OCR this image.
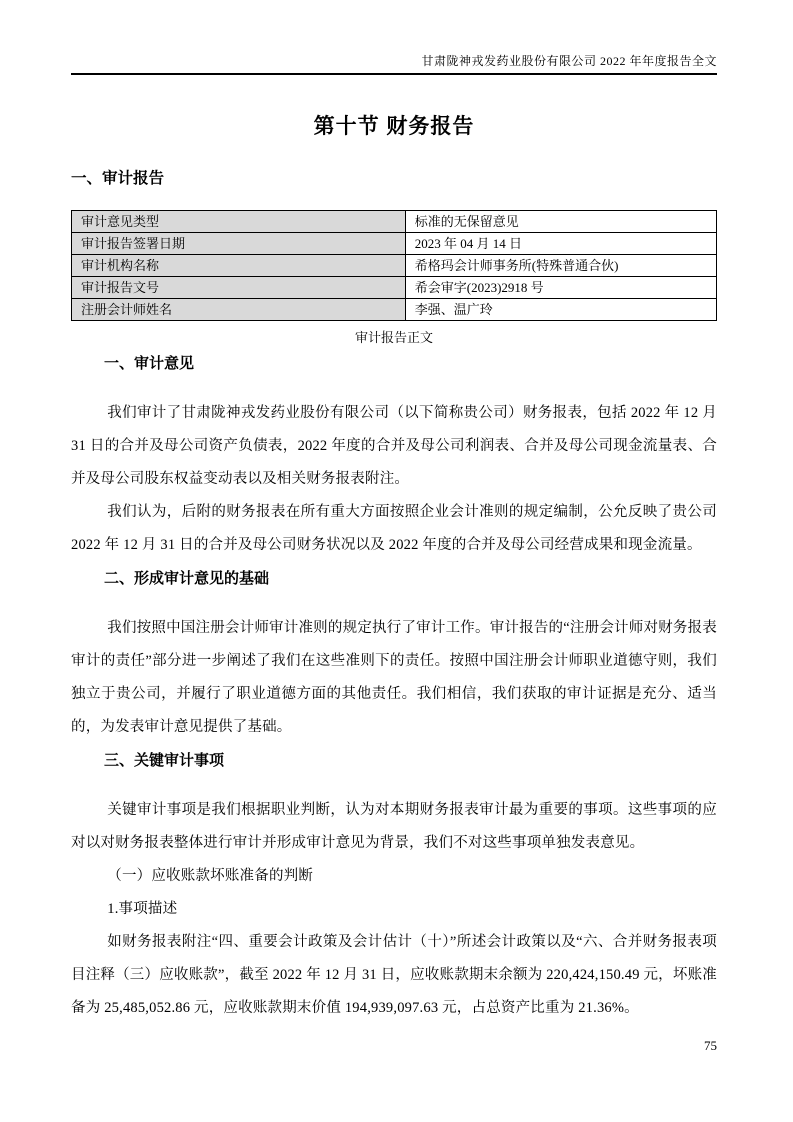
甘肃陇神戎发药业股份有限公司 2022 年年度报告全文
第十节 财务报告
一、审计报告
审计意见类型	标准的无保留意见
审计报告签署日期	2023 年 04 月 14 日
审计机构名称	希格玛会计师事务所(特殊普通合伙)
审计报告文号	希会审字(2023)2918 号
注册会计师姓名	李强、温广玲
审计报告正文
一、审计意见

我们审计了甘肃陇神戎发药业股份有限公司（以下简称贵公司）财务报表，包括 2022 年 12 月 31 日的合并及母公司资产负债表，2022 年度的合并及母公司利润表、合并及母公司现金流量表、合并及母公司股东权益变动表以及相关财务报表附注。

我们认为，后附的财务报表在所有重大方面按照企业会计准则的规定编制，公允反映了贵公司 2022 年 12 月 31 日的合并及母公司财务状况以及 2022 年度的合并及母公司经营成果和现金流量。

二、形成审计意见的基础

我们按照中国注册会计师审计准则的规定执行了审计工作。审计报告的“注册会计师对财务报表审计的责任”部分进一步阐述了我们在这些准则下的责任。按照中国注册会计师职业道德守则，我们独立于贵公司，并履行了职业道德方面的其他责任。我们相信，我们获取的审计证据是充分、适当的，为发表审计意见提供了基础。

三、关键审计事项

关键审计事项是我们根据职业判断，认为对本期财务报表审计最为重要的事项。这些事项的应对以对财务报表整体进行审计并形成审计意见为背景，我们不对这些事项单独发表意见。

（一）应收账款坏账准备的判断

1.事项描述

如财务报表附注“四、重要会计政策及会计估计（十）”所述会计政策以及“六、合并财务报表项目注释（三）应收账款”，截至 2022 年 12 月 31 日，应收账款期末余额为 220,424,150.49 元，坏账准备为 25,485,052.86 元，应收账款期末价值 194,939,097.63 元，占总资产比重为 21.36%。

75
